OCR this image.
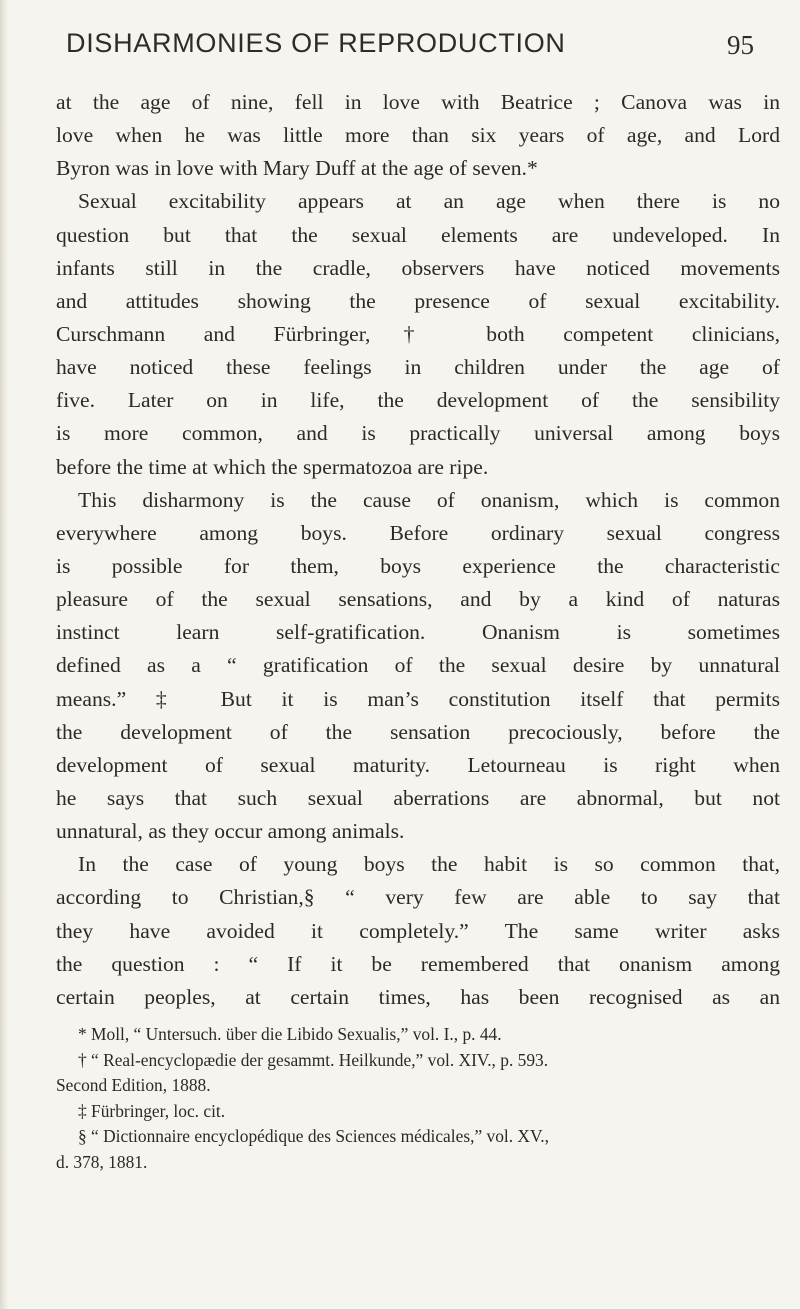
DISHARMONIES OF REPRODUCTION	95
at the age of nine, fell in love with Beatrice ; Canova was in
love when he was little more than six years of age, and Lord
Byron was in love with Mary Duff at the age of seven.*
Sexual excitability appears at an age when there is no
question but that the sexual elements are undeveloped. In
infants still in the cradle, observers have noticed movements
and attitudes showing the presence of sexual excitability.
Curschmann and Fürbringer,† both competent clinicians,
have noticed these feelings in children under the age of
five. Later on in life, the development of the sensibility
is more common, and is practically universal among boys
before the time at which the spermatozoa are ripe.
This disharmony is the cause of onanism, which is common
everywhere among boys. Before ordinary sexual congress
is possible for them, boys experience the characteristic
pleasure of the sexual sensations, and by a kind of naturas
instinct learn self-gratification. Onanism is sometimes
defined as a “ gratification of the sexual desire by unnatural
means.” ‡ But it is man’s constitution itself that permits
the development of the sensation precociously, before the
development of sexual maturity. Letourneau is right when
he says that such sexual aberrations are abnormal, but not
unnatural, as they occur among animals.
In the case of young boys the habit is so common that,
according to Christian,§ “ very few are able to say that
they have avoided it completely.” The same writer asks
the question : “ If it be remembered that onanism among
certain peoples, at certain times, has been recognised as an
* Moll, “ Untersuch. über die Libido Sexualis,” vol. I., p. 44.
† “ Real-encyclopædie der gesammt. Heilkunde,” vol. XIV., p. 593.
Second Edition, 1888.
‡ Fürbringer, loc. cit.
§ “ Dictionnaire encyclopédique des Sciences médicales,” vol. XV.,
d. 378, 1881.
